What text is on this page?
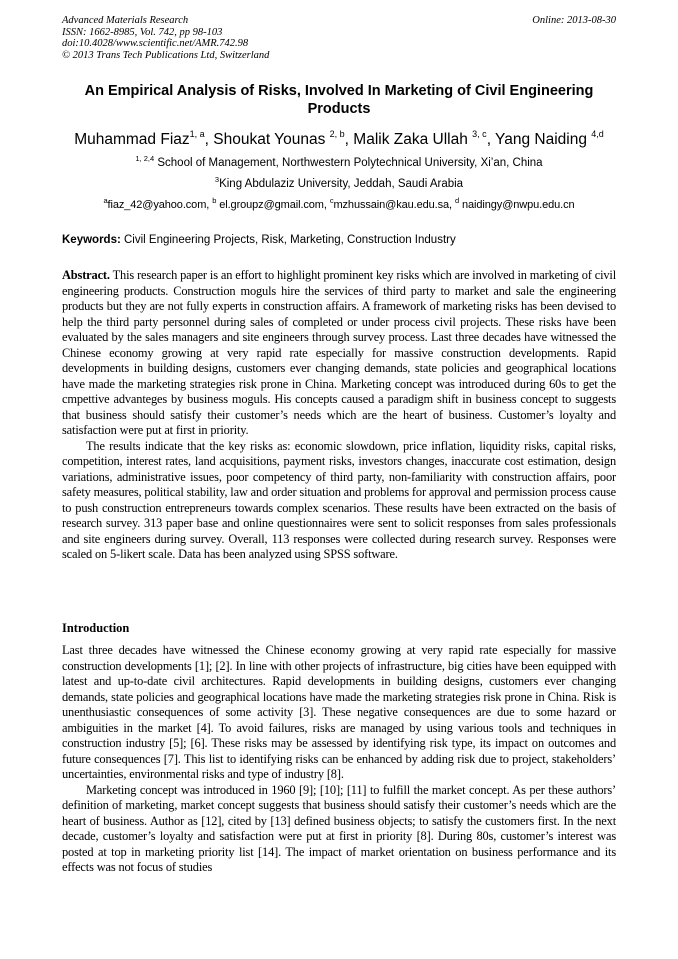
Advanced Materials Research
ISSN: 1662-8985, Vol. 742, pp 98-103
doi:10.4028/www.scientific.net/AMR.742.98
© 2013 Trans Tech Publications Ltd, Switzerland
Online: 2013-08-30
An Empirical Analysis of Risks, Involved In Marketing of Civil Engineering Products
Muhammad Fiaz$^{1, a}$, Shoukat Younas $^{2, b}$, Malik Zaka Ullah $^{3, c}$, Yang Naiding $^{4,d}$
$^{1, 2,4}$ School of Management, Northwestern Polytechnical University, Xi’an, China
$^3$King Abdulaziz University, Jeddah, Saudi Arabia
$^a$fiaz_42@yahoo.com, $^b$ el.groupz@gmail.com, $^c$mzhussain@kau.edu.sa, $^d$ naidingy@nwpu.edu.cn
Keywords: Civil Engineering Projects, Risk, Marketing, Construction Industry

Abstract. This research paper is an effort to highlight prominent key risks which are involved in marketing of civil engineering products. Construction moguls hire the services of third party to market and sale the engineering products but they are not fully experts in construction affairs. A framework of marketing risks has been devised to help the third party personnel during sales of completed or under process civil projects. These risks have been evaluated by the sales managers and site engineers through survey process. Last three decades have witnessed the Chinese economy growing at very rapid rate especially for massive construction developments. Rapid developments in building designs, customers ever changing demands, state policies and geographical locations have made the marketing strategies risk prone in China. Marketing concept was introduced during 60s to get the cmpettive advanteges by business moguls. His concepts caused a paradigm shift in business concept to suggests that business should satisfy their customer’s needs which are the heart of business. Customer’s loyalty and satisfaction were put at first in priority.

The results indicate that the key risks as: economic slowdown, price inflation, liquidity risks, capital risks, competition, interest rates, land acquisitions, payment risks, investors changes, inaccurate cost estimation, design variations, administrative issues, poor competency of third party, non-familiarity with construction affairs, poor safety measures, political stability, law and order situation and problems for approval and permission process cause to push construction entrepreneurs towards complex scenarios. These results have been extracted on the basis of research survey. 313 paper base and online questionnaires were sent to solicit responses from sales professionals and site engineers during survey. Overall, 113 responses were collected during research survey. Responses were scaled on 5-likert scale. Data has been analyzed using SPSS software.

Introduction

Last three decades have witnessed the Chinese economy growing at very rapid rate especially for massive construction developments [1]; [2]. In line with other projects of infrastructure, big cities have been equipped with latest and up-to-date civil architectures. Rapid developments in building designs, customers ever changing demands, state policies and geographical locations have made the marketing strategies risk prone in China. Risk is unenthusiastic consequences of some activity [3]. These negative consequences are due to some hazard or ambiguities in the market [4]. To avoid failures, risks are managed by using various tools and techniques in construction industry [5]; [6]. These risks may be assessed by identifying risk type, its impact on outcomes and future consequences [7]. This list to identifying risks can be enhanced by adding risk due to project, stakeholders’ uncertainties, environmental risks and type of industry [8].

Marketing concept was introduced in 1960 [9]; [10]; [11] to fulfill the market concept. As per these authors’ definition of marketing, market concept suggests that business should satisfy their customer’s needs which are the heart of business. Author as [12], cited by [13] defined business objects; to satisfy the customers first. In the next decade, customer’s loyalty and satisfaction were put at first in priority [8]. During 80s, customer’s interest was posted at top in marketing priority list [14]. The impact of market orientation on business performance and its effects was not focus of studies
